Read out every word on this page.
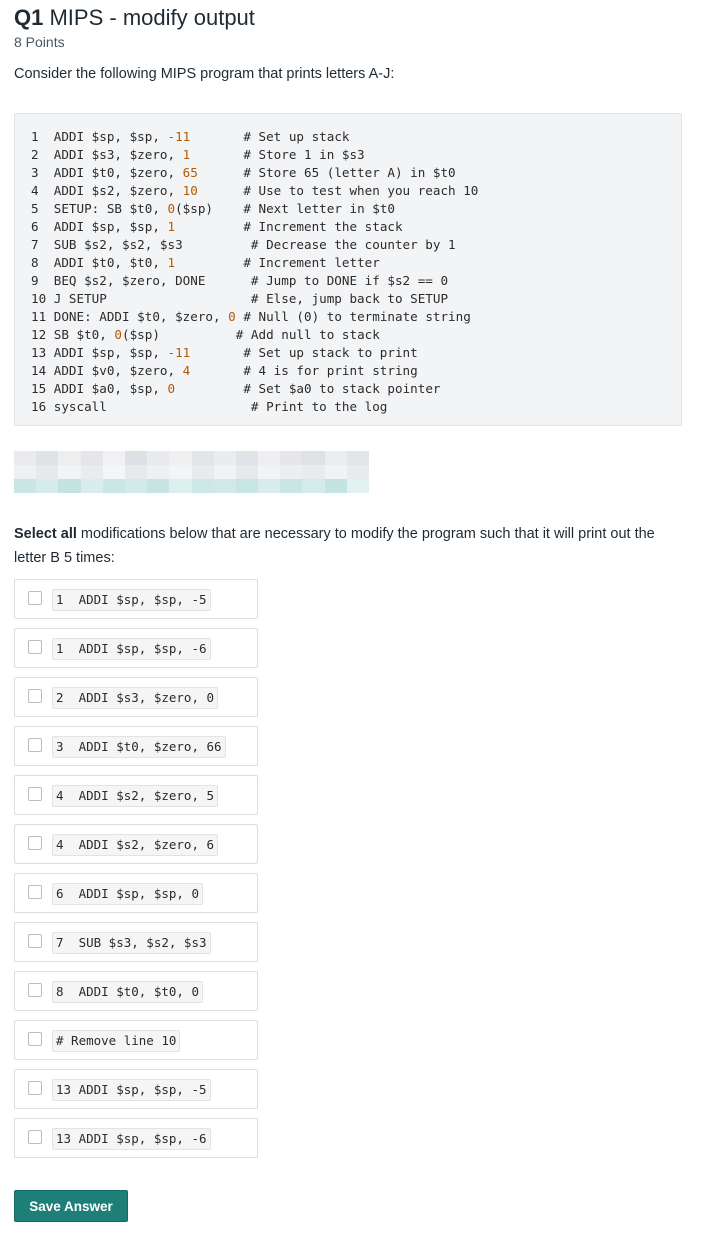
Q1 MIPS - modify output
8 Points
Consider the following MIPS program that prints letters A-J:
1  ADDI $sp, $sp, -11	# Set up stack
2  ADDI $s3, $zero, 1	# Store 1 in $s3
3  ADDI $t0, $zero, 65	# Store 65 (letter A) in $t0
4  ADDI $s2, $zero, 10	# Use to test when you reach 10
5  SETUP: SB $t0, 0($sp)    # Next letter in $t0
6  ADDI $sp, $sp, 1	# Increment the stack
7  SUB $s2, $s2, $s3	# Decrease the counter by 1
8  ADDI $t0, $t0, 1	# Increment letter
9  BEQ $s2, $zero, DONE	# Jump to DONE if $s2 == 0
10 J SETUP	# Else, jump back to SETUP
11 DONE: ADDI $t0, $zero, 0 # Null (0) to terminate string
12 SB $t0, 0($sp)          # Add null to stack
13 ADDI $sp, $sp, -11	# Set up stack to print
14 ADDI $v0, $zero, 4	# 4 is for print string
15 ADDI $a0, $sp, 0	# Set $a0 to stack pointer
16 syscall	# Print to the log
Select all modifications below that are necessary to modify the program such that it will print out the letter B 5 times:
1  ADDI $sp, $sp, -5
1  ADDI $sp, $sp, -6
2  ADDI $s3, $zero, 0
3  ADDI $t0, $zero, 66
4  ADDI $s2, $zero, 5
4  ADDI $s2, $zero, 6
6  ADDI $sp, $sp, 0
7  SUB $s3, $s2, $s3
8  ADDI $t0, $t0, 0
# Remove line 10
13 ADDI $sp, $sp, -5
13 ADDI $sp, $sp, -6
Save Answer
